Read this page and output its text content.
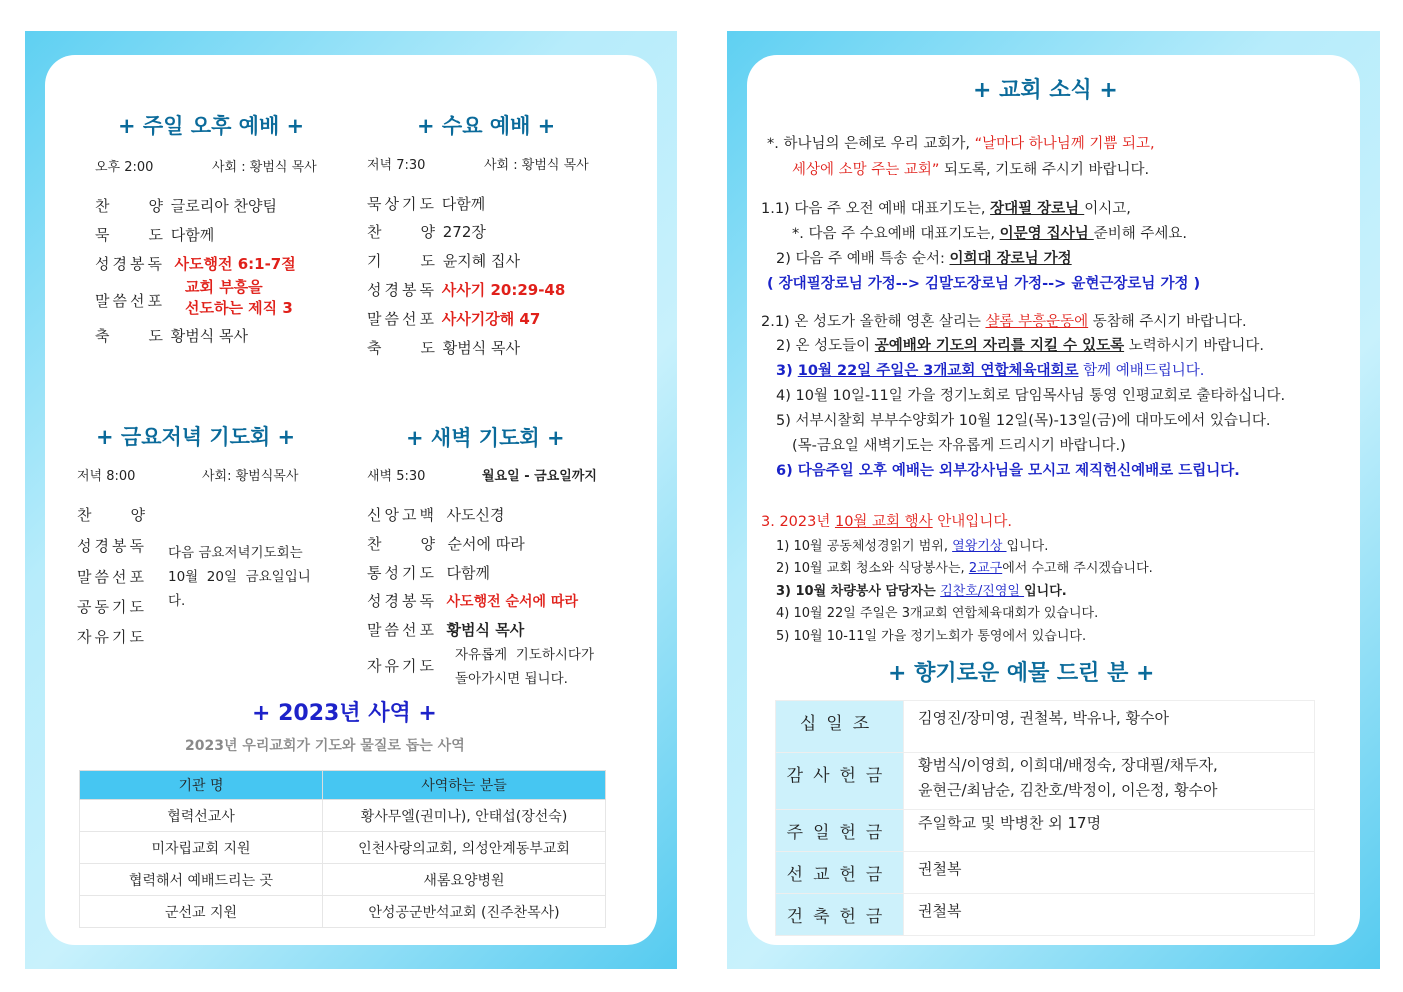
+ 주일 오후 예배 +
오후 2:00	사회 : 황범식 목사
찬　　양 글로리아 찬양팀
묵　　도 다함께
성경봉독 사도행전 6:1-7절
말씀선포
교회 부흥을
선도하는 제직 3
축　　도 황범식 목사
+ 수요 예배 +
저녁 7:30	사회 : 황범식 목사
묵상기도 다함께
찬　　양 272장
기　　도 윤지혜 집사
성경봉독 사사기 20:29-48
말씀선포 사사기강해 47
축　　도 황범식 목사
+ 금요저녁 기도회 +
저녁 8:00	사회: 황범식목사
찬　　양
성경봉독
말씀선포
공동기도
자유기도
다음 금요저녁기도회는
10월  20일  금요일입니
다.
+ 새벽 기도회 +
새벽 5:30	월요일 - 금요일까지
신앙고백 사도신경
찬　　양 순서에 따라
통성기도 다함께
성경봉독 사도행전 순서에 따라
말씀선포 황범식 목사
자유기도
자유롭게  기도하시다가
돌아가시면 됩니다.
+ 2023년 사역 +
2023년 우리교회가 기도와 물질로 돕는 사역
기관 명	사역하는 분들
협력선교사	황사무엘(권미나), 안태섭(장선숙)
미자립교회 지원	인천사랑의교회, 의성안계동부교회
협력해서 예배드리는 곳	새롬요양병원
군선교 지원	안성공군반석교회 (진주찬목사)
+ 교회 소식 +
*. 하나님의 은혜로 우리 교회가, “날마다 하나님께 기쁨 되고,
세상에 소망 주는 교회” 되도록, 기도해 주시기 바랍니다.
1.1) 다음 주 오전 예배 대표기도는, 장대필 장로님 이시고,
*. 다음 주 수요예배 대표기도는, 이문영 집사님 준비해 주세요.
2) 다음 주 예배 특송 순서: 이희대 장로님 가정
( 장대필장로님 가정--> 김말도장로님 가정--> 윤현근장로님 가정 )
2.1) 온 성도가 올한해 영혼 살리는 샬롬 부흥운동에 동참해 주시기 바랍니다.
2) 온 성도들이 공예배와 기도의 자리를 지킬 수 있도록 노력하시기 바랍니다.
3) 10월 22일 주일은 3개교회 연합체육대회로 함께 예배드립니다.
4) 10월 10일-11일 가을 정기노회로 담임목사님 통영 인평교회로 출타하십니다.
5) 서부시찰회 부부수양회가 10월 12일(목)-13일(금)에 대마도에서 있습니다.
(목-금요일 새벽기도는 자유롭게 드리시기 바랍니다.)
6) 다음주일 오후 예배는 외부강사님을 모시고 제직헌신예배로 드립니다.
3. 2023년 10월 교회 행사 안내입니다.
1) 10월 공동체성경읽기 범위, 열왕기상 입니다.
2) 10월 교회 청소와 식당봉사는, 2교구에서 수고해 주시겠습니다.
3) 10월 차량봉사 담당자는 김찬호/진영일 입니다.
4) 10월 22일 주일은 3개교회 연합체육대회가 있습니다.
5) 10월 10-11일 가을 정기노회가 통영에서 있습니다.
+ 향기로운 예물 드린 분 +
십일조	김영진/장미영, 권철복, 박유나, 황수아
감사헌금	황범식/이영희, 이희대/배정숙, 장대필/채두자,
윤현근/최남순, 김찬호/박정이, 이은정, 황수아
주일헌금	주일학교 및 박병찬 외 17명
선교헌금	권철복
건축헌금	권철복
